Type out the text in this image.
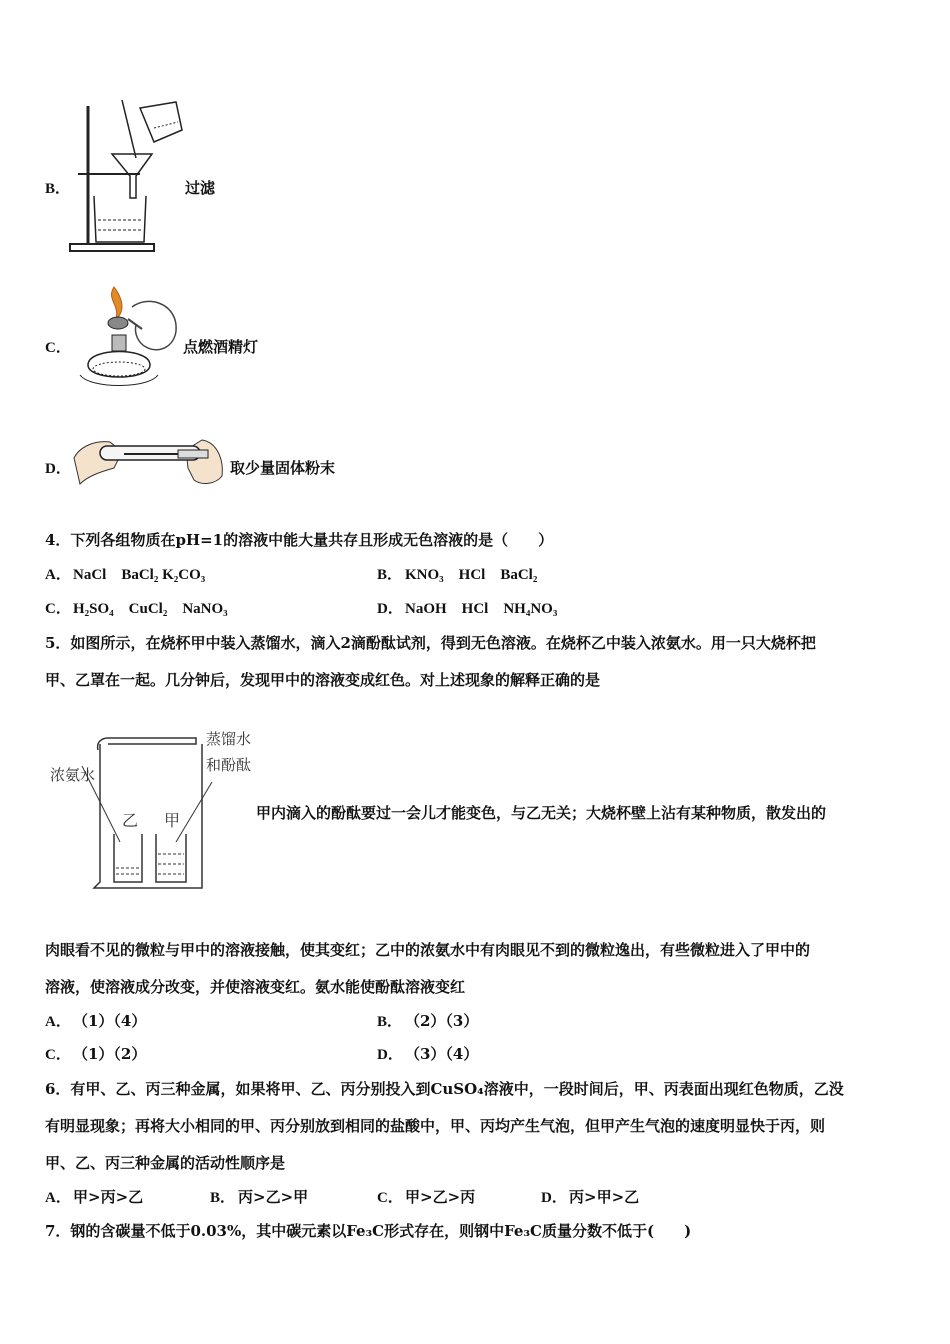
B．	过滤
C．	点燃酒精灯
D．	取少量固体粉末
4．下列各组物质在pH=1的溶液中能大量共存且形成无色溶液的是（　　）
A． NaCl　BaCl₂ K₂CO₃	B． KNO₃　HCl　BaCl₂
C． H₂SO₄　CuCl₂　NaNO₃	D． NaOH　HCl　NH₄NO₃
5．如图所示，在烧杯甲中装入蒸馏水，滴入2滴酚酞试剂，得到无色溶液。在烧杯乙中装入浓氨水。用一只大烧杯把
甲、乙罩在一起。几分钟后，发现甲中的溶液变成红色。对上述现象的解释正确的是
浓氨水
蒸馏水
和酚酞
乙 甲	甲内滴入的酚酞要过一会儿才能变色，与乙无关；大烧杯壁上沾有某种物质，散发出的
肉眼看不见的微粒与甲中的溶液接触，使其变红；乙中的浓氨水中有肉眼见不到的微粒逸出，有些微粒进入了甲中的
溶液，使溶液成分改变，并使溶液变红。氨水能使酚酞溶液变红
A． （1）（4）	B． （2）（3）
C． （1）（2）	D． （3）（4）
6．有甲、乙、丙三种金属，如果将甲、乙、丙分别投入到CuSO₄溶液中，一段时间后，甲、丙表面出现红色物质，乙没
有明显现象；再将大小相同的甲、丙分别放到相同的盐酸中，甲、丙均产生气泡，但甲产生气泡的速度明显快于丙，则
甲、乙、丙三种金属的活动性顺序是
A． 甲>丙>乙	B． 丙>乙>甲	C． 甲>乙>丙	D． 丙>甲>乙
7．钢的含碳量不低于0.03%，其中碳元素以Fe₃C形式存在，则钢中Fe₃C质量分数不低于(　　)
